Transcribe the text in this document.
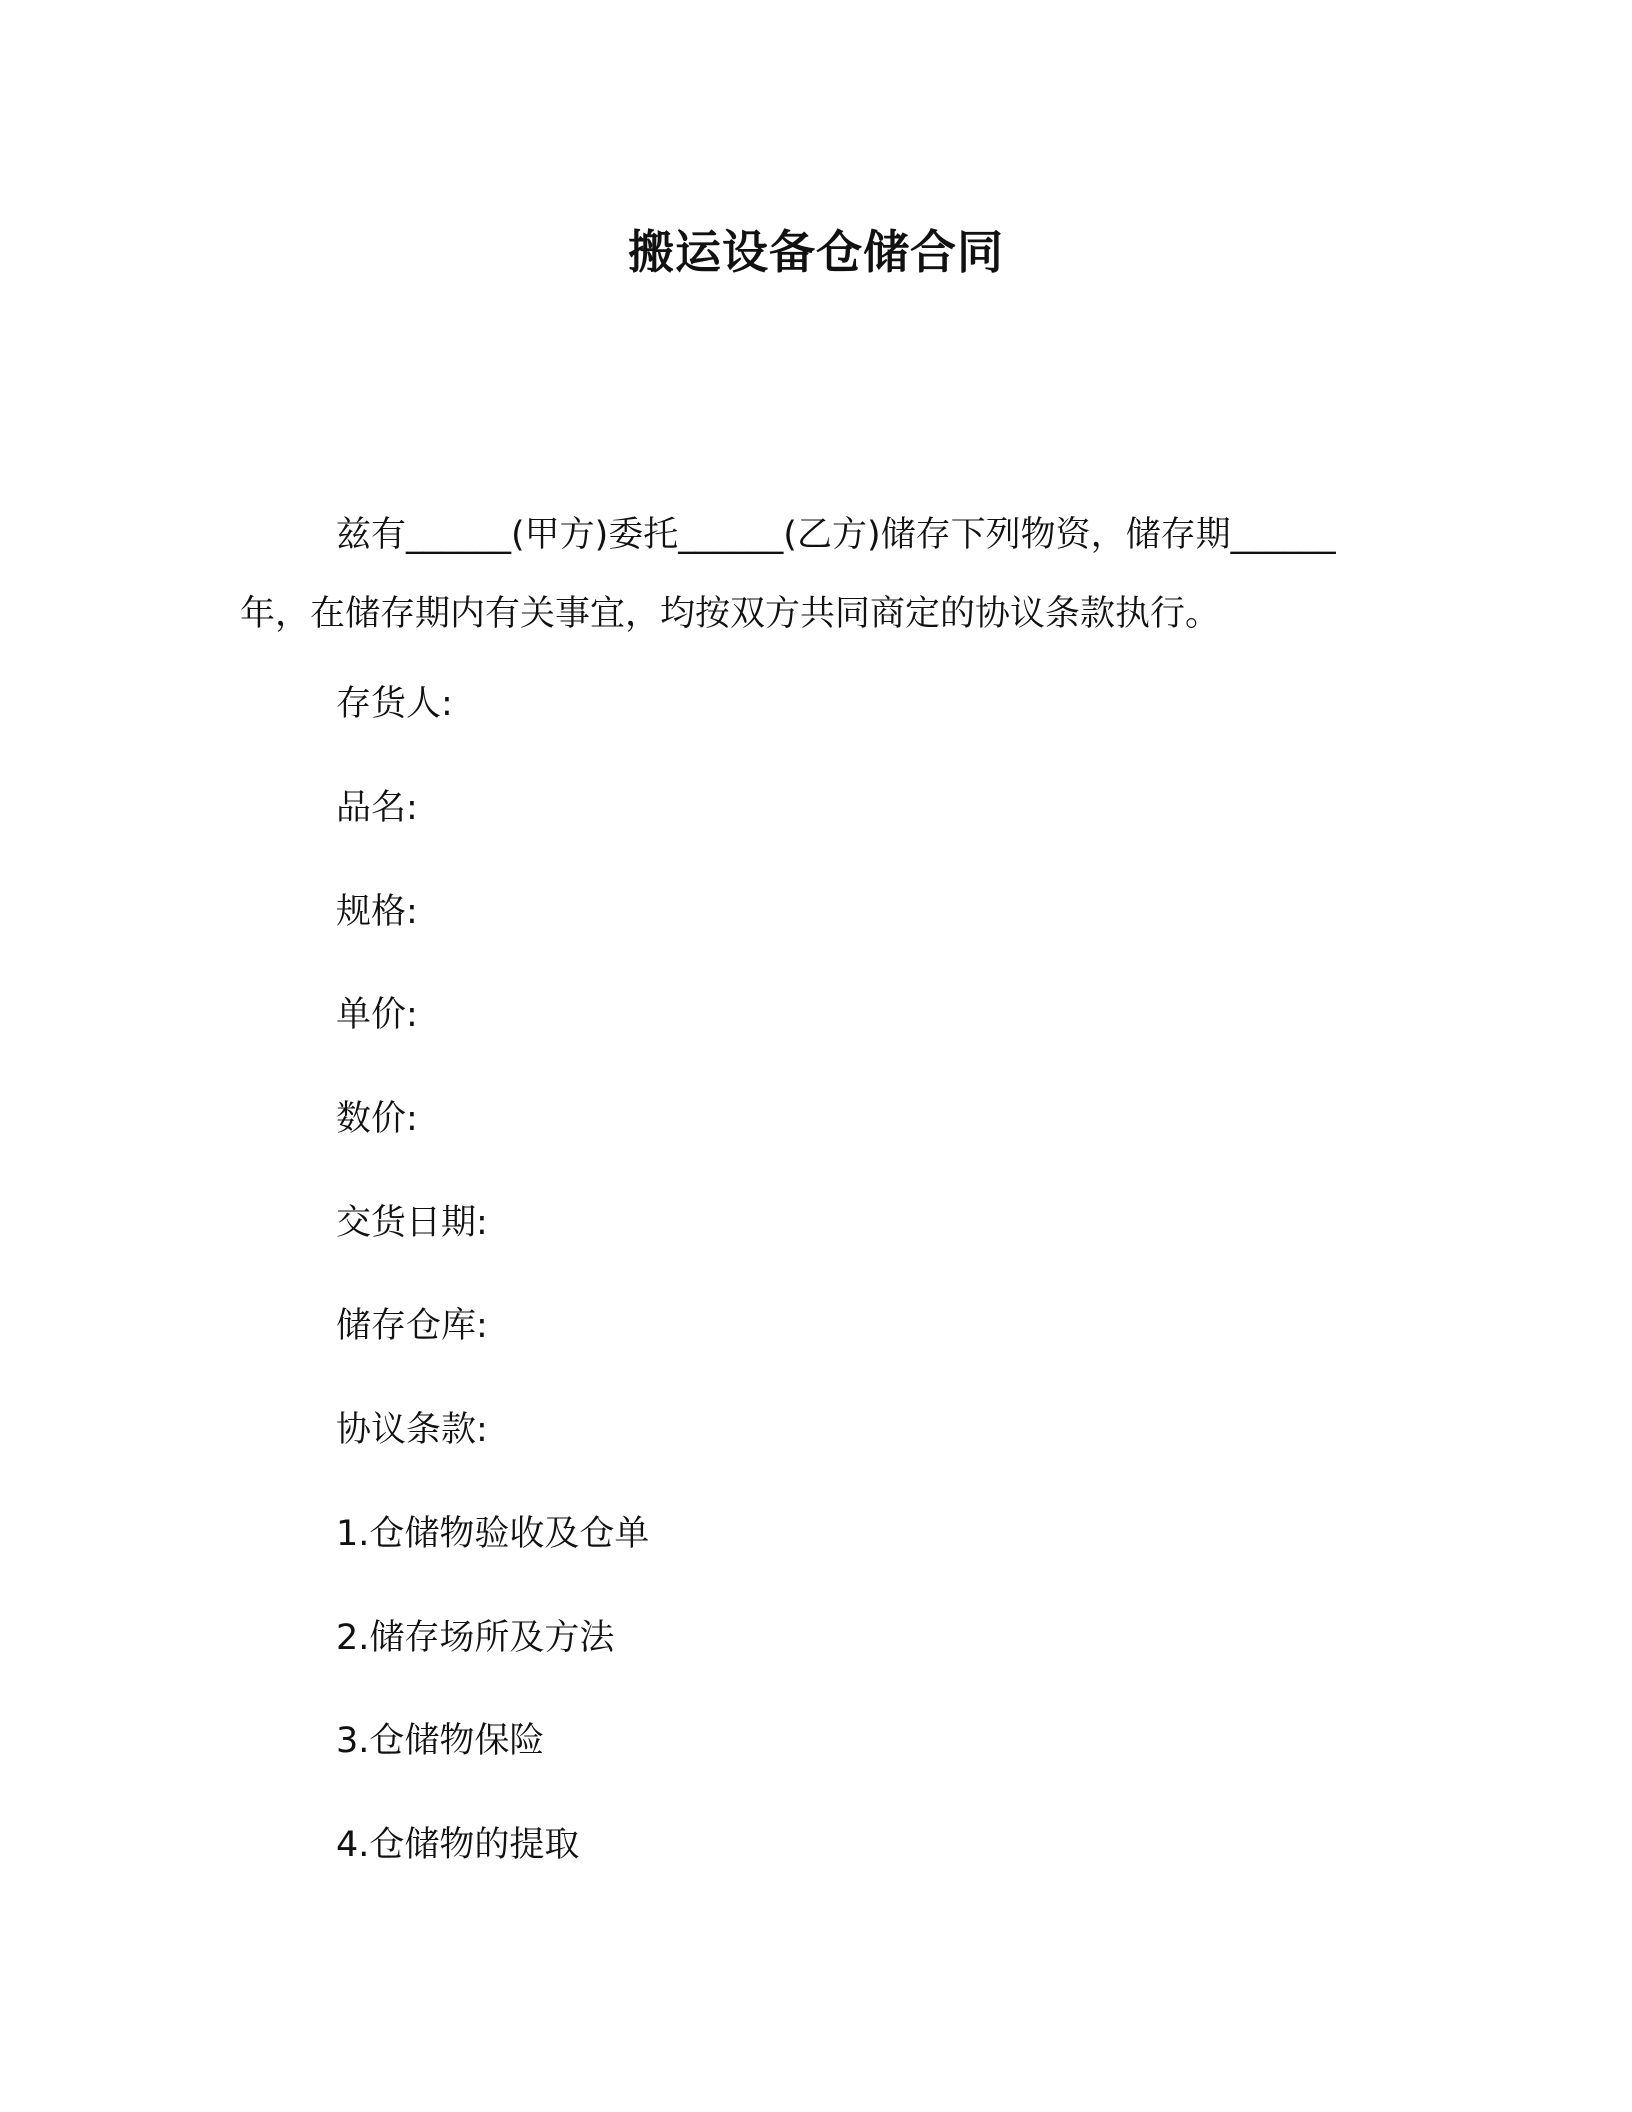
搬运设备仓储合同

兹有______(甲方)委托______(乙方)储存下列物资，储存期______年，在储存期内有关事宜，均按双方共同商定的协议条款执行。

存货人:

品名:

规格:

单价:

数价:

交货日期:

储存仓库:

协议条款:

1.仓储物验收及仓单

2.储存场所及方法

3.仓储物保险

4.仓储物的提取
